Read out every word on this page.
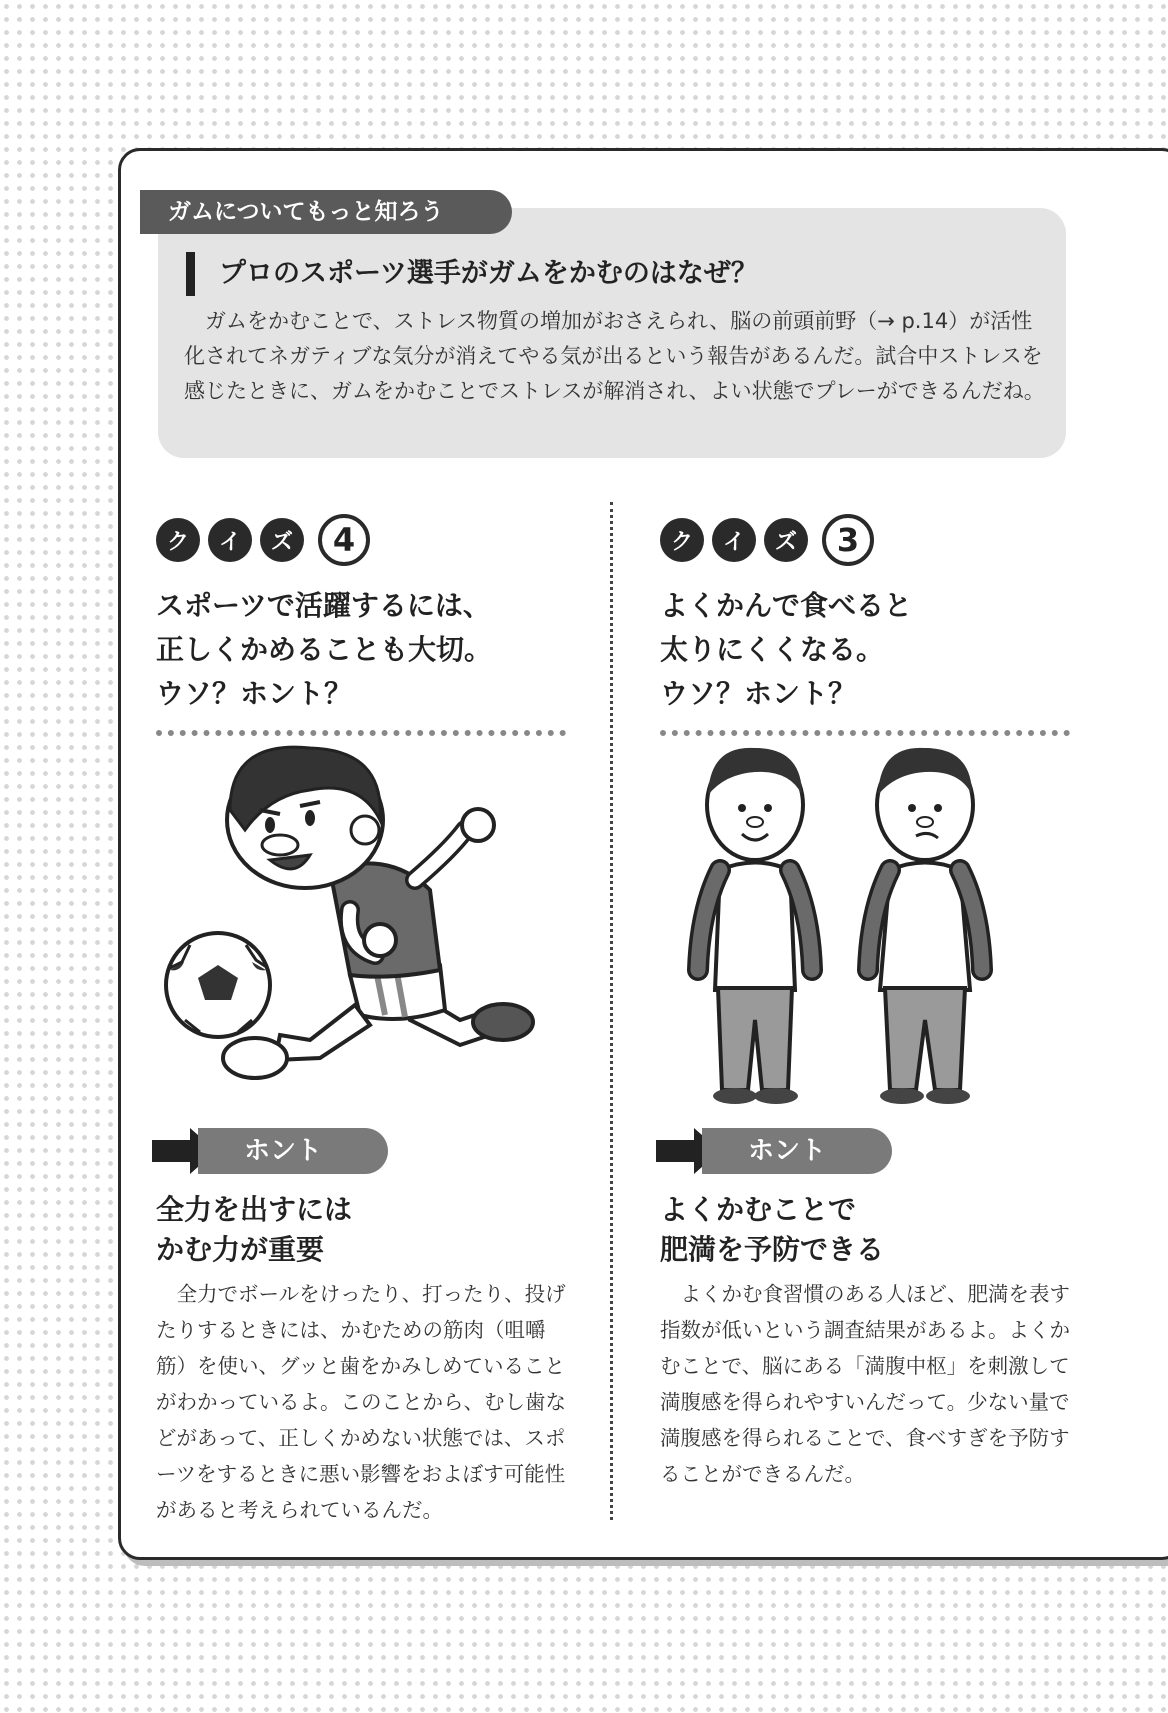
プロのスポーツ選手がガムをかむのはなぜ？
ガムをかむことで、ストレス物質の増加がおさえられ、脳の前頭前野（→ p.14）が活性化されてネガティブな気分が消えてやる気が出るという報告があるんだ。試合中ストレスを感じたときに、ガムをかむことでストレスが解消され、よい状態でプレーができるんだね。
ガムについてもっと知ろう
ク	イ	ズ	4
スポーツで活躍するには、
正しくかめることも大切。
ウソ？ホント？
ホント
全力を出すには
かむ力が重要
全力でボールをけったり、打ったり、投げたりするときには、かむための筋肉（咀嚼筋）を使い、グッと歯をかみしめていることがわかっているよ。このことから、むし歯などがあって、正しくかめない状態では、スポーツをするときに悪い影響をおよぼす可能性があると考えられているんだ。
ク	イ	ズ	3
よくかんで食べると
太りにくくなる。
ウソ？ホント？
ホント
よくかむことで
肥満を予防できる
よくかむ食習慣のある人ほど、肥満を表す指数が低いという調査結果があるよ。よくかむことで、脳にある「満腹中枢」を刺激して満腹感を得られやすいんだって。少ない量で満腹感を得られることで、食べすぎを予防することができるんだ。
